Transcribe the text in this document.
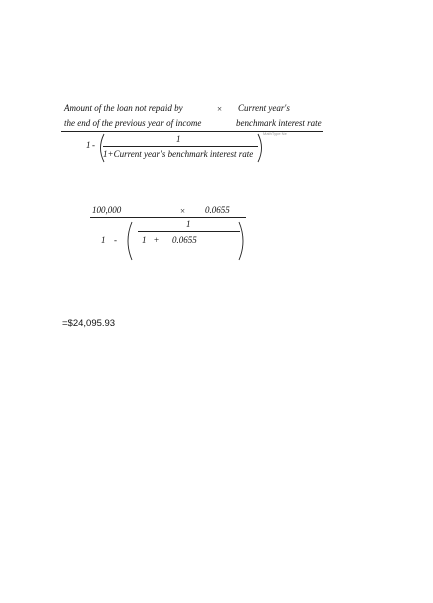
Amount of the loan not repaid by	× Current year's
the end of the previous year of income	benchmark interest rate
1 -
1
1+Current year's benchmark interest rate
MathType Ne
100,000	× 0.0655
1 -
1
1 + 0.0655
=$24,095.93
